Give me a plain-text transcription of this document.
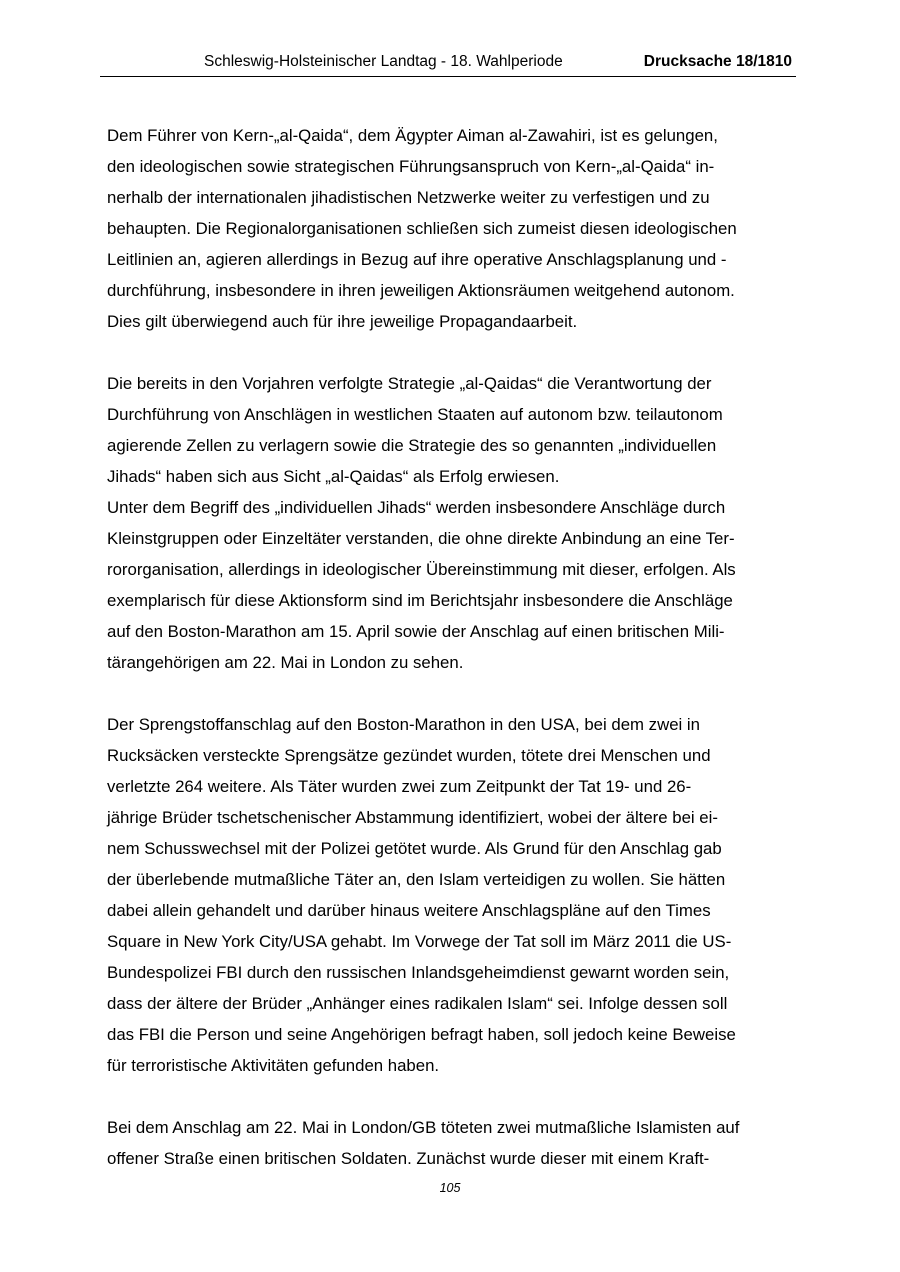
Schleswig-Holsteinischer Landtag - 18. Wahlperiode	Drucksache 18/1810
Dem Führer von Kern-„al-Qaida“, dem Ägypter Aiman al-Zawahiri, ist es gelungen,
den ideologischen sowie strategischen Führungsanspruch von Kern-„al-Qaida“ in-
nerhalb der internationalen jihadistischen Netzwerke weiter zu verfestigen und zu
behaupten. Die Regionalorganisationen schließen sich zumeist diesen ideologischen
Leitlinien an, agieren allerdings in Bezug auf ihre operative Anschlagsplanung und -
durchführung, insbesondere in ihren jeweiligen Aktionsräumen weitgehend autonom.
Dies gilt überwiegend auch für ihre jeweilige Propagandaarbeit.
Die bereits in den Vorjahren verfolgte Strategie „al-Qaidas“ die Verantwortung der
Durchführung von Anschlägen in westlichen Staaten auf autonom bzw. teilautonom
agierende Zellen zu verlagern sowie die Strategie des so genannten „individuellen
Jihads“ haben sich aus Sicht „al-Qaidas“ als Erfolg erwiesen.
Unter dem Begriff des „individuellen Jihads“ werden insbesondere Anschläge durch
Kleinstgruppen oder Einzeltäter verstanden, die ohne direkte Anbindung an eine Ter-
rororganisation, allerdings in ideologischer Übereinstimmung mit dieser, erfolgen. Als
exemplarisch für diese Aktionsform sind im Berichtsjahr insbesondere die Anschläge
auf den Boston-Marathon am 15. April sowie der Anschlag auf einen britischen Mili-
tärangehörigen am 22. Mai in London zu sehen.
Der Sprengstoffanschlag auf den Boston-Marathon in den USA, bei dem zwei in
Rucksäcken versteckte Sprengsätze gezündet wurden, tötete drei Menschen und
verletzte 264 weitere. Als Täter wurden zwei zum Zeitpunkt der Tat 19- und 26-
jährige Brüder tschetschenischer Abstammung identifiziert, wobei der ältere bei ei-
nem Schusswechsel mit der Polizei getötet wurde. Als Grund für den Anschlag gab
der überlebende mutmaßliche Täter an, den Islam verteidigen zu wollen. Sie hätten
dabei allein gehandelt und darüber hinaus weitere Anschlagspläne auf den Times
Square in New York City/USA gehabt. Im Vorwege der Tat soll im März 2011 die US-
Bundespolizei FBI durch den russischen Inlandsgeheimdienst gewarnt worden sein,
dass der ältere der Brüder „Anhänger eines radikalen Islam“ sei. Infolge dessen soll
das FBI die Person und seine Angehörigen befragt haben, soll jedoch keine Beweise
für terroristische Aktivitäten gefunden haben.
Bei dem Anschlag am 22. Mai in London/GB töteten zwei mutmaßliche Islamisten auf
offener Straße einen britischen Soldaten. Zunächst wurde dieser mit einem Kraft-
105
